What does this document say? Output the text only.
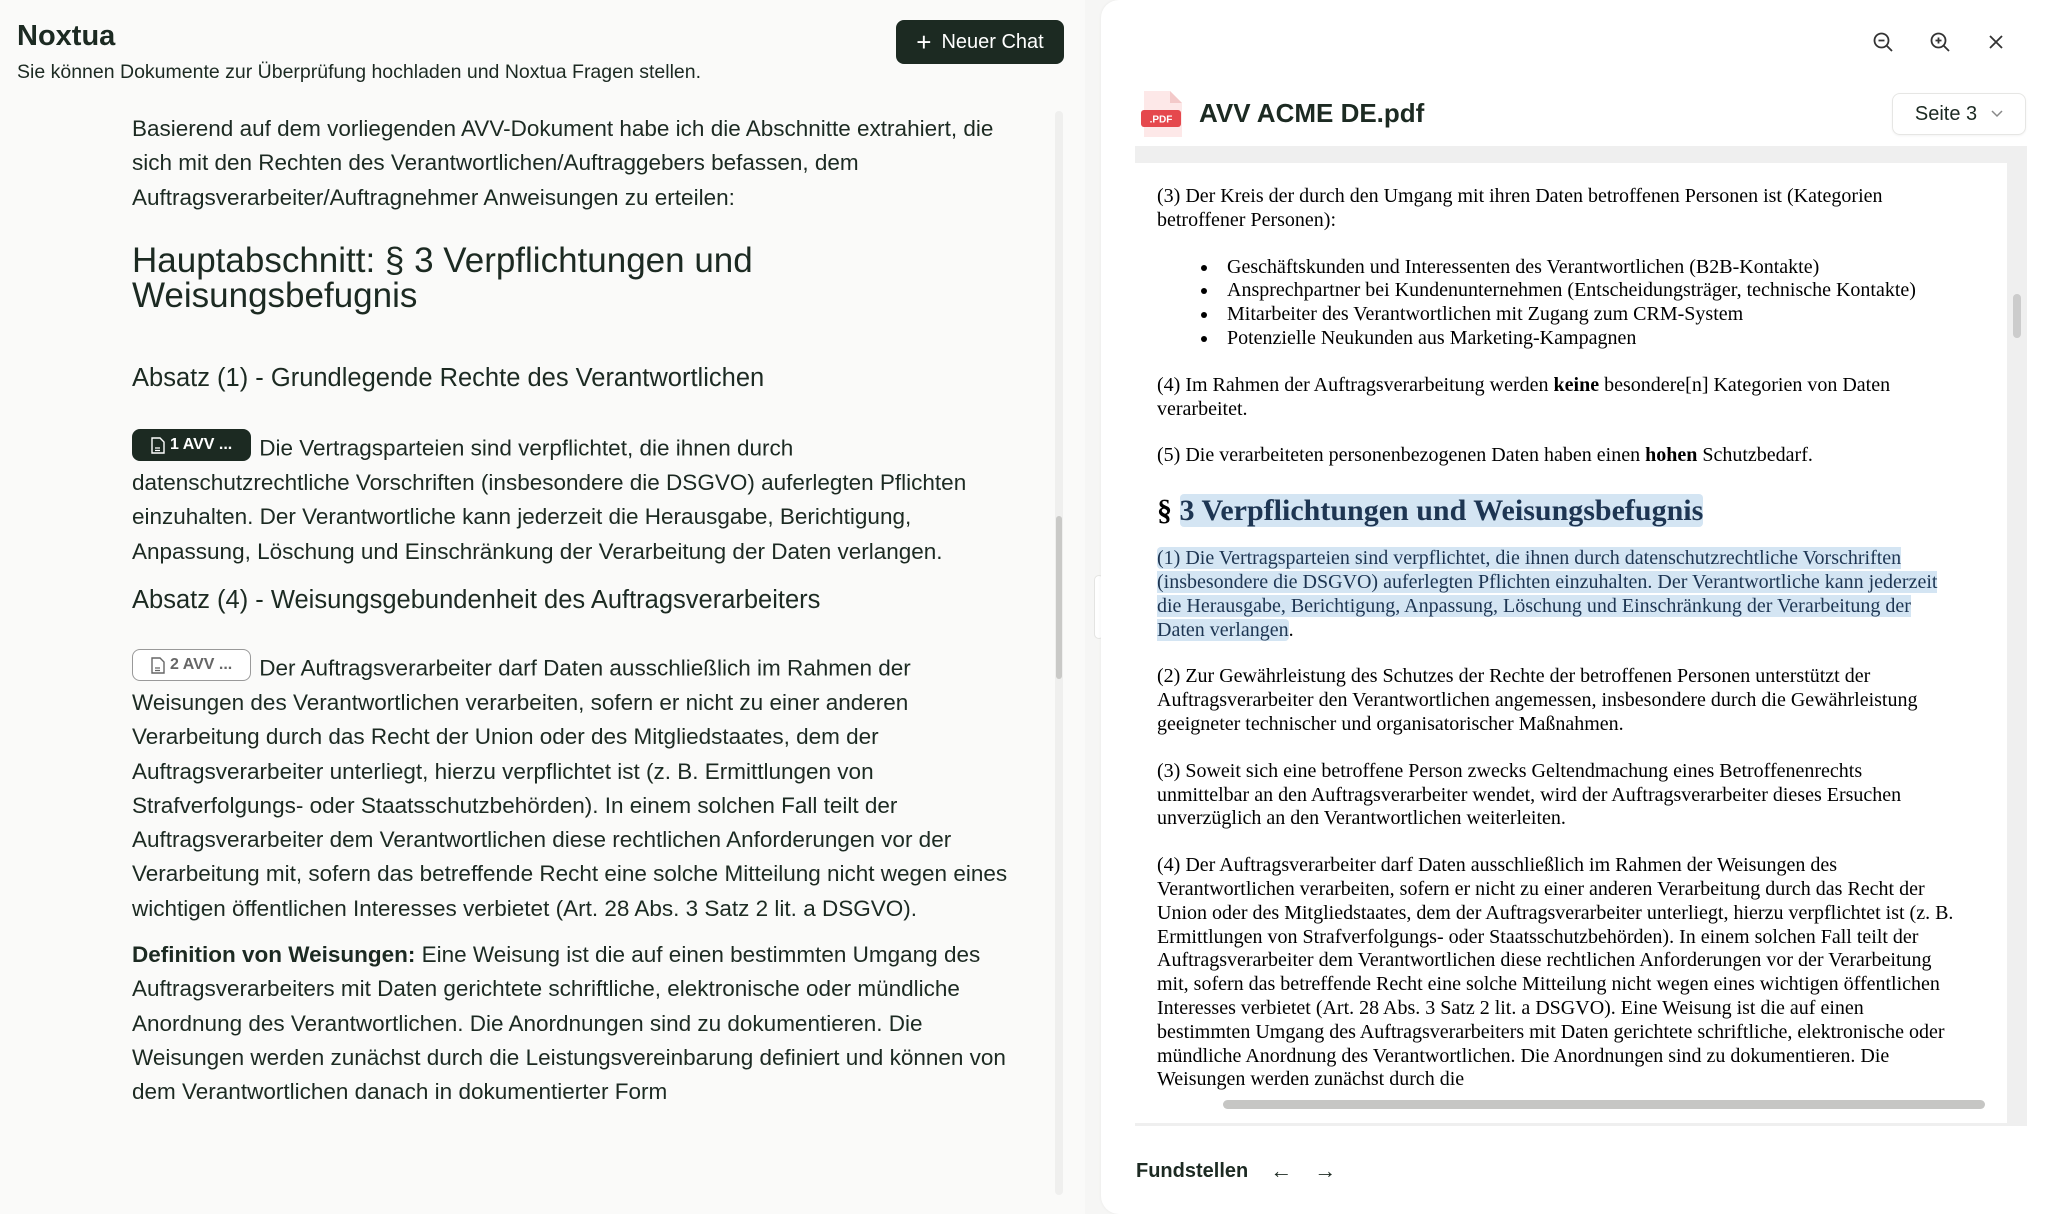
Noxtua
Sie können Dokumente zur Überprüfung hochladen und Noxtua Fragen stellen.
+ Neuer Chat

Basierend auf dem vorliegenden AVV-Dokument habe ich die Abschnitte extrahiert, die sich mit den Rechten des Verantwortlichen/Auftraggebers befassen, dem Auftragsverarbeiter/Auftragnehmer Anweisungen zu erteilen:

Hauptabschnitt: § 3 Verpflichtungen und Weisungsbefugnis
Absatz (1) - Grundlegende Rechte des Verantwortlichen

1 AVV ... Die Vertragsparteien sind verpflichtet, die ihnen durch datenschutzrechtliche Vorschriften (insbesondere die DSGVO) auferlegten Pflichten einzuhalten. Der Verantwortliche kann jederzeit die Herausgabe, Berichtigung, Anpassung, Löschung und Einschränkung der Verarbeitung der Daten verlangen.

Absatz (4) - Weisungsgebundenheit des Auftragsverarbeiters

2 AVV ... Der Auftragsverarbeiter darf Daten ausschließlich im Rahmen der Weisungen des Verantwortlichen verarbeiten, sofern er nicht zu einer anderen Verarbeitung durch das Recht der Union oder des Mitgliedstaates, dem der Auftragsverarbeiter unterliegt, hierzu verpflichtet ist (z. B. Ermittlungen von Strafverfolgungs- oder Staatsschutzbehörden). In einem solchen Fall teilt der Auftragsverarbeiter dem Verantwortlichen diese rechtlichen Anforderungen vor der Verarbeitung mit, sofern das betreffende Recht eine solche Mitteilung nicht wegen eines wichtigen öffentlichen Interesses verbietet (Art. 28 Abs. 3 Satz 2 lit. a DSGVO).

Definition von Weisungen: Eine Weisung ist die auf einen bestimmten Umgang des Auftragsverarbeiters mit Daten gerichtete schriftliche, elektronische oder mündliche Anordnung des Verantwortlichen. Die Anordnungen sind zu dokumentieren. Die Weisungen werden zunächst durch die Leistungsvereinbarung definiert und können von dem Verantwortlichen danach in dokumentierter Form

.PDF AVV ACME DE.pdf	Seite 3

(3) Der Kreis der durch den Umgang mit ihren Daten betroffenen Personen ist (Kategorien betroffener Personen):

• Geschäftskunden und Interessenten des Verantwortlichen (B2B-Kontakte)
• Ansprechpartner bei Kundenunternehmen (Entscheidungsträger, technische Kontakte)
• Mitarbeiter des Verantwortlichen mit Zugang zum CRM-System
• Potenzielle Neukunden aus Marketing-Kampagnen

(4) Im Rahmen der Auftragsverarbeitung werden keine besondere[n] Kategorien von Daten verarbeitet.

(5) Die verarbeiteten personenbezogenen Daten haben einen hohen Schutzbedarf.

§ 3 Verpflichtungen und Weisungsbefugnis

(1) Die Vertragsparteien sind verpflichtet, die ihnen durch datenschutzrechtliche Vorschriften (insbesondere die DSGVO) auferlegten Pflichten einzuhalten. Der Verantwortliche kann jederzeit die Herausgabe, Berichtigung, Anpassung, Löschung und Einschränkung der Verarbeitung der Daten verlangen.

(2) Zur Gewährleistung des Schutzes der Rechte der betroffenen Personen unterstützt der Auftragsverarbeiter den Verantwortlichen angemessen, insbesondere durch die Gewährleistung geeigneter technischer und organisatorischer Maßnahmen.

(3) Soweit sich eine betroffene Person zwecks Geltendmachung eines Betroffenenrechts unmittelbar an den Auftragsverarbeiter wendet, wird der Auftragsverarbeiter dieses Ersuchen unverzüglich an den Verantwortlichen weiterleiten.

(4) Der Auftragsverarbeiter darf Daten ausschließlich im Rahmen der Weisungen des Verantwortlichen verarbeiten, sofern er nicht zu einer anderen Verarbeitung durch das Recht der Union oder des Mitgliedstaates, dem der Auftragsverarbeiter unterliegt, hierzu verpflichtet ist (z. B. Ermittlungen von Strafverfolgungs- oder Staatsschutzbehörden). In einem solchen Fall teilt der Auftragsverarbeiter dem Verantwortlichen diese rechtlichen Anforderungen vor der Verarbeitung mit, sofern das betreffende Recht eine solche Mitteilung nicht wegen eines wichtigen öffentlichen Interesses verbietet (Art. 28 Abs. 3 Satz 2 lit. a DSGVO). Eine Weisung ist die auf einen bestimmten Umgang des Auftragsverarbeiters mit Daten gerichtete schriftliche, elektronische oder mündliche Anordnung des Verantwortlichen. Die Anordnungen sind zu dokumentieren. Die Weisungen werden zunächst durch die

Fundstellen ← →
